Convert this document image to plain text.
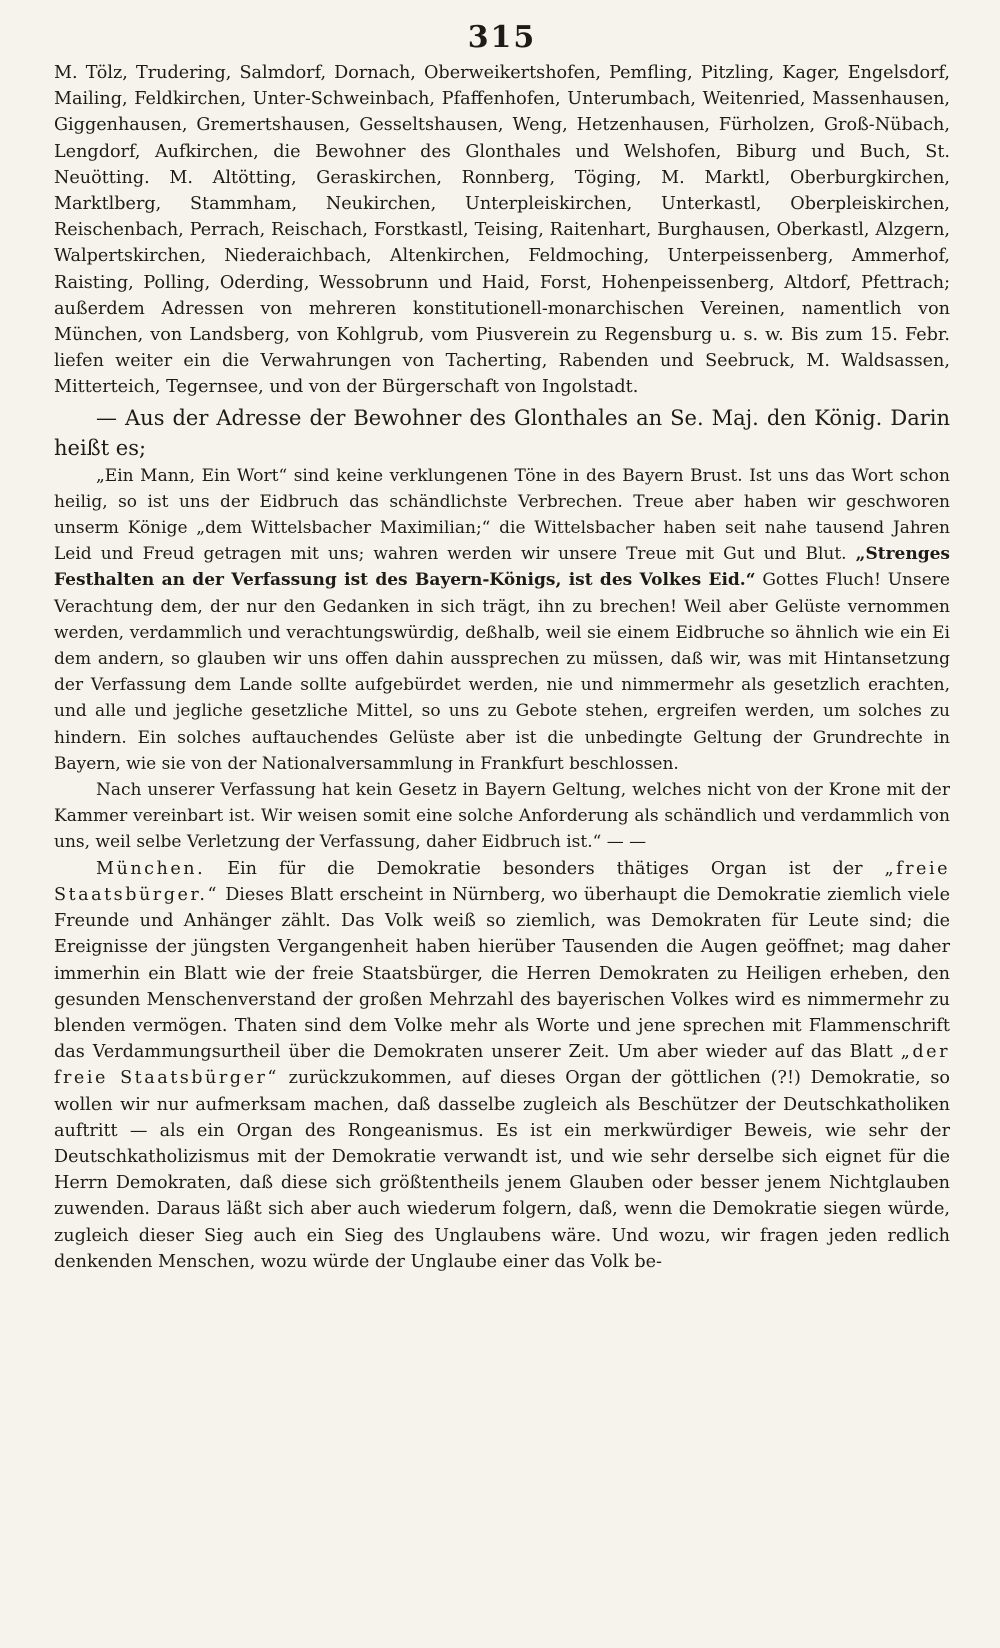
315

M. Tölz, Trudering, Salmdorf, Dornach, Oberweikertshofen, Pemfling, Pitzling, Kager, Engelsdorf, Mailing, Feldkirchen, Unter-Schweinbach, Pfaffenhofen, Unterumbach, Weitenried, Massenhausen, Giggenhausen, Gremertshausen, Gesseltshausen, Weng, Hetzenhausen, Fürholzen, Groß-Nübach, Lengdorf, Aufkirchen, die Bewohner des Glonthales und Welshofen, Biburg und Buch, St. Neuötting. M. Altötting, Geraskirchen, Ronnberg, Töging, M. Marktl, Oberburgkirchen, Marktlberg, Stammham, Neukirchen, Unterpleiskirchen, Unterkastl, Oberpleiskirchen, Reischenbach, Perrach, Reischach, Forstkastl, Teising, Raitenhart, Burghausen, Oberkastl, Alzgern, Walpertskirchen, Niederaichbach, Altenkirchen, Feldmoching, Unterpeissenberg, Ammerhof, Raisting, Polling, Oderding, Wessobrunn und Haid, Forst, Hohenpeissenberg, Altdorf, Pfettrach; außerdem Adressen von mehreren konstitutionell-monarchischen Vereinen, namentlich von München, von Landsberg, von Kohlgrub, vom Piusverein zu Regensburg u. s. w. Bis zum 15. Febr. liefen weiter ein die Verwahrungen von Tacherting, Rabenden und Seebruck, M. Waldsassen, Mitterteich, Tegernsee, und von der Bürgerschaft von Ingolstadt.

— Aus der Adresse der Bewohner des Glonthales an Se. Maj. den König. Darin heißt es;

„Ein Mann, Ein Wort“ sind keine verklungenen Töne in des Bayern Brust. Ist uns das Wort schon heilig, so ist uns der Eidbruch das schändlichste Verbrechen. Treue aber haben wir geschworen unserm Könige „dem Wittelsbacher Maximilian;“ die Wittelsbacher haben seit nahe tausend Jahren Leid und Freud getragen mit uns; wahren werden wir unsere Treue mit Gut und Blut. „Strenges Festhalten an der Verfassung ist des Bayern-Königs, ist des Volkes Eid.“ Gottes Fluch! Unsere Verachtung dem, der nur den Gedanken in sich trägt, ihn zu brechen! Weil aber Gelüste vernommen werden, verdammlich und verachtungswürdig, deßhalb, weil sie einem Eidbruche so ähnlich wie ein Ei dem andern, so glauben wir uns offen dahin aussprechen zu müssen, daß wir, was mit Hintansetzung der Verfassung dem Lande sollte aufgebürdet werden, nie und nimmermehr als gesetzlich erachten, und alle und jegliche gesetzliche Mittel, so uns zu Gebote stehen, ergreifen werden, um solches zu hindern. Ein solches auftauchendes Gelüste aber ist die unbedingte Geltung der Grundrechte in Bayern, wie sie von der Nationalversammlung in Frankfurt beschlossen.

Nach unserer Verfassung hat kein Gesetz in Bayern Geltung, welches nicht von der Krone mit der Kammer vereinbart ist. Wir weisen somit eine solche Anforderung als schändlich und verdammlich von uns, weil selbe Verletzung der Verfassung, daher Eidbruch ist.“ — —

München. Ein für die Demokratie besonders thätiges Organ ist der „freie Staatsbürger.“ Dieses Blatt erscheint in Nürnberg, wo überhaupt die Demokratie ziemlich viele Freunde und Anhänger zählt. Das Volk weiß so ziemlich, was Demokraten für Leute sind; die Ereignisse der jüngsten Vergangenheit haben hierüber Tausenden die Augen geöffnet; mag daher immerhin ein Blatt wie der freie Staatsbürger, die Herren Demokraten zu Heiligen erheben, den gesunden Menschenverstand der großen Mehrzahl des bayerischen Volkes wird es nimmermehr zu blenden vermögen. Thaten sind dem Volke mehr als Worte und jene sprechen mit Flammenschrift das Verdammungsurtheil über die Demokraten unserer Zeit. Um aber wieder auf das Blatt „der freie Staatsbürger“ zurückzukommen, auf dieses Organ der göttlichen (?!) Demokratie, so wollen wir nur aufmerksam machen, daß dasselbe zugleich als Beschützer der Deutschkatholiken auftritt — als ein Organ des Rongeanismus. Es ist ein merkwürdiger Beweis, wie sehr der Deutschkatholizismus mit der Demokratie verwandt ist, und wie sehr derselbe sich eignet für die Herrn Demokraten, daß diese sich größtentheils jenem Glauben oder besser jenem Nichtglauben zuwenden. Daraus läßt sich aber auch wiederum folgern, daß, wenn die Demokratie siegen würde, zugleich dieser Sieg auch ein Sieg des Unglaubens wäre. Und wozu, wir fragen jeden redlich denkenden Menschen, wozu würde der Unglaube einer das Volk be-
